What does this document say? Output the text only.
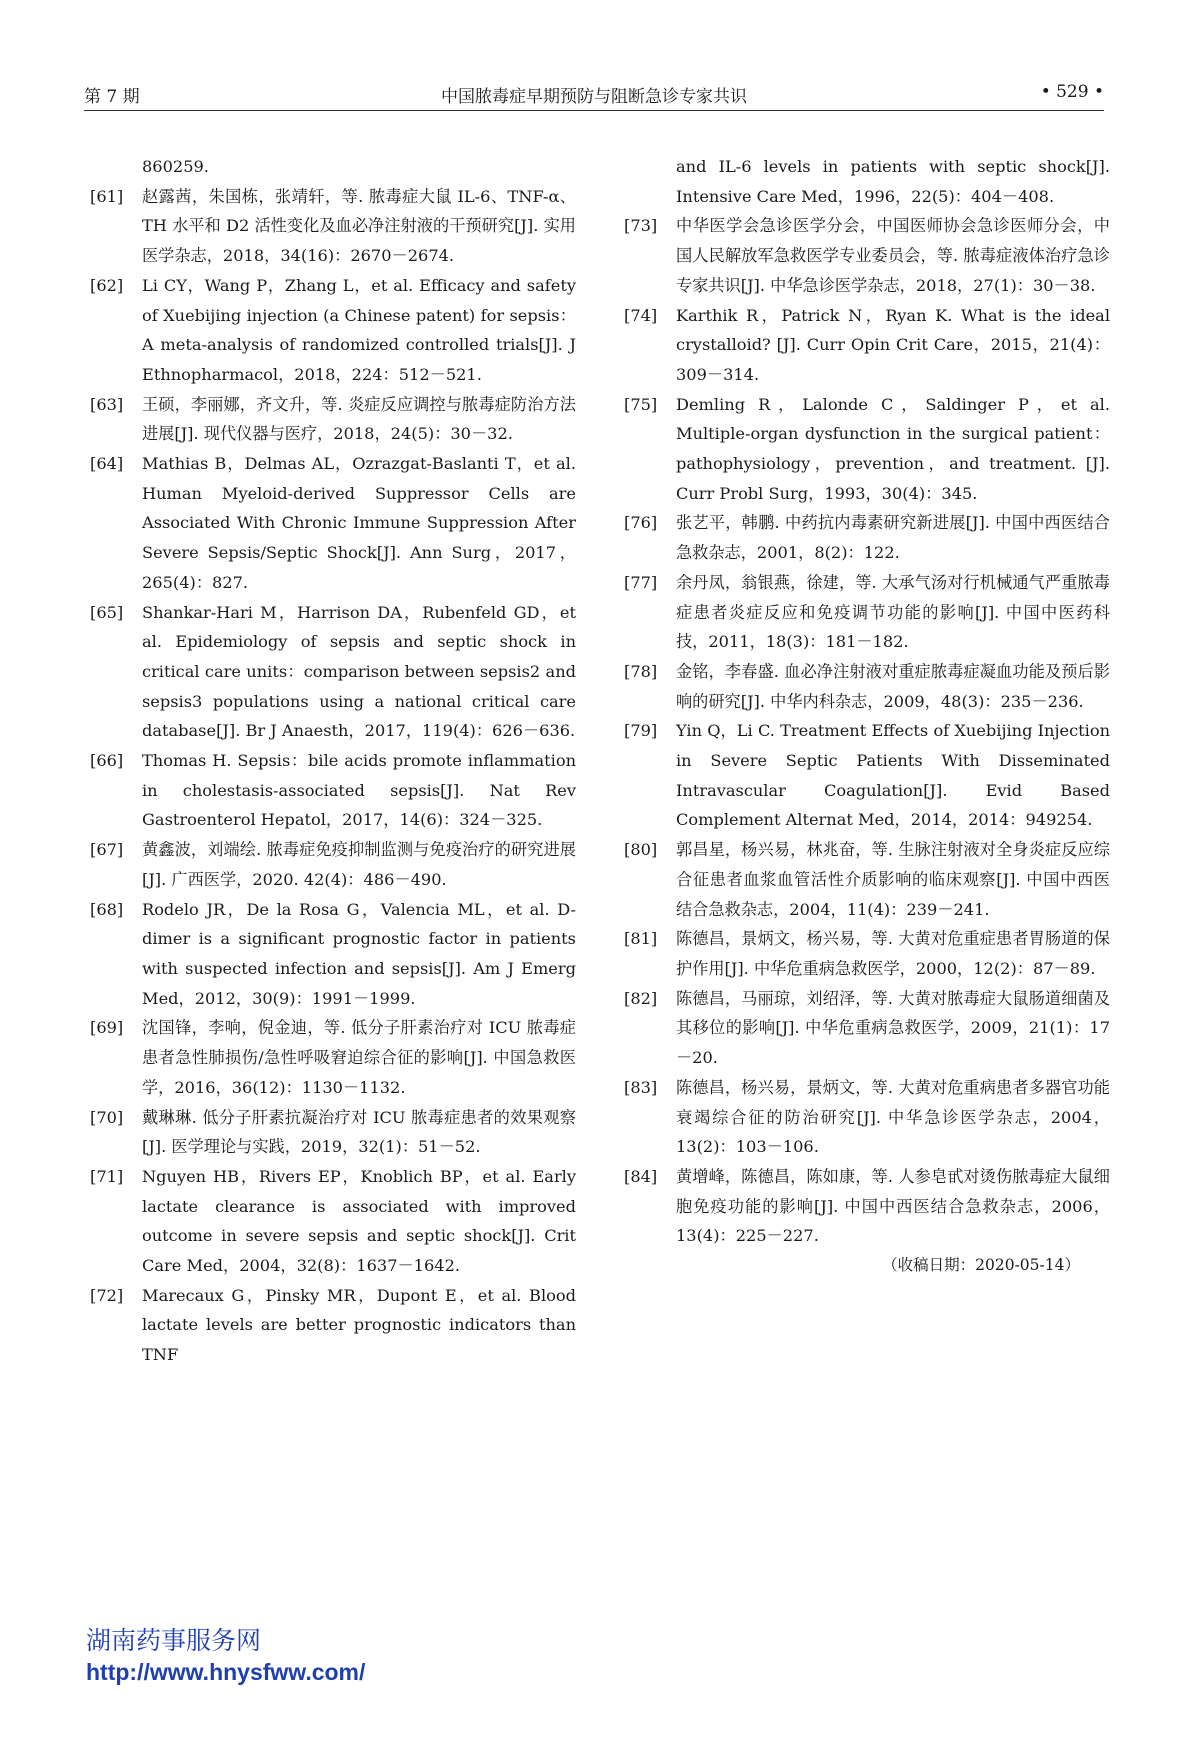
第 7 期	中国脓毒症早期预防与阻断急诊专家共识	• 529 •

860259.

[61] 赵露茜，朱国栋，张靖轩，等. 脓毒症大鼠 IL-6、TNF-α、TH 水平和 D2 活性变化及血必净注射液的干预研究[J]. 实用医学杂志，2018，34(16)：2670－2674.

[62] Li CY，Wang P，Zhang L，et al. Efficacy and safety of Xuebijing injection (a Chinese patent) for sepsis：A meta-analysis of randomized controlled trials[J]. J Ethnopharmacol，2018，224：512－521.

[63] 王硕，李丽娜，齐文升，等. 炎症反应调控与脓毒症防治方法进展[J]. 现代仪器与医疗，2018，24(5)：30－32.

[64] Mathias B，Delmas AL，Ozrazgat-Baslanti T，et al. Human Myeloid-derived Suppressor Cells are Associated With Chronic Immune Suppression After Severe Sepsis/Septic Shock[J]. Ann Surg，2017，265(4)：827.

[65] Shankar-Hari M，Harrison DA，Rubenfeld GD，et al. Epidemiology of sepsis and septic shock in critical care units：comparison between sepsis2 and sepsis3 populations using a national critical care database[J]. Br J Anaesth，2017，119(4)：626－636.

[66] Thomas H. Sepsis：bile acids promote inflammation in cholestasis-associated sepsis[J]. Nat Rev Gastroenterol Hepatol，2017，14(6)：324－325.

[67] 黄鑫波，刘端绘. 脓毒症免疫抑制监测与免疫治疗的研究进展[J]. 广西医学，2020. 42(4)：486－490.

[68] Rodelo JR，De la Rosa G，Valencia ML，et al. D-dimer is a significant prognostic factor in patients with suspected infection and sepsis[J]. Am J Emerg Med，2012，30(9)：1991－1999.

[69] 沈国锋，李响，倪金迪，等. 低分子肝素治疗对 ICU 脓毒症患者急性肺损伤/急性呼吸窘迫综合征的影响[J]. 中国急救医学，2016，36(12)：1130－1132.

[70] 戴琳琳. 低分子肝素抗凝治疗对 ICU 脓毒症患者的效果观察[J]. 医学理论与实践，2019，32(1)：51－52.

[71] Nguyen HB，Rivers EP，Knoblich BP，et al. Early lactate clearance is associated with improved outcome in severe sepsis and septic shock[J]. Crit Care Med，2004，32(8)：1637－1642.

[72] Marecaux G，Pinsky MR，Dupont E，et al. Blood lactate levels are better prognostic indicators than TNF

and IL-6 levels in patients with septic shock[J]. Intensive Care Med，1996，22(5)：404－408.

[73] 中华医学会急诊医学分会，中国医师协会急诊医师分会，中国人民解放军急救医学专业委员会，等. 脓毒症液体治疗急诊专家共识[J]. 中华急诊医学杂志，2018，27(1)：30－38.

[74] Karthik R，Patrick N，Ryan K. What is the ideal crystalloid? [J]. Curr Opin Crit Care，2015，21(4)：309－314.

[75] Demling R，Lalonde C，Saldinger P，et al. Multiple-organ dysfunction in the surgical patient：pathophysiology，prevention，and treatment. [J]. Curr Probl Surg，1993，30(4)：345.

[76] 张艺平，韩鹏. 中药抗内毒素研究新进展[J]. 中国中西医结合急救杂志，2001，8(2)：122.

[77] 余丹凤，翁银燕，徐建，等. 大承气汤对行机械通气严重脓毒症患者炎症反应和免疫调节功能的影响[J]. 中国中医药科技，2011，18(3)：181－182.

[78] 金铭，李春盛. 血必净注射液对重症脓毒症凝血功能及预后影响的研究[J]. 中华内科杂志，2009，48(3)：235－236.

[79] Yin Q，Li C. Treatment Effects of Xuebijing Injection in Severe Septic Patients With Disseminated Intravascular Coagulation[J]. Evid Based Complement Alternat Med，2014，2014：949254.

[80] 郭昌星，杨兴易，林兆奋，等. 生脉注射液对全身炎症反应综合征患者血浆血管活性介质影响的临床观察[J]. 中国中西医结合急救杂志，2004，11(4)：239－241.

[81] 陈德昌，景炳文，杨兴易，等. 大黄对危重症患者胃肠道的保护作用[J]. 中华危重病急救医学，2000，12(2)：87－89.

[82] 陈德昌，马丽琼，刘绍泽，等. 大黄对脓毒症大鼠肠道细菌及其移位的影响[J]. 中华危重病急救医学，2009，21(1)：17－20.

[83] 陈德昌，杨兴易，景炳文，等. 大黄对危重病患者多器官功能衰竭综合征的防治研究[J]. 中华急诊医学杂志，2004，13(2)：103－106.

[84] 黄增峰，陈德昌，陈如康，等. 人参皂甙对烫伤脓毒症大鼠细胞免疫功能的影响[J]. 中国中西医结合急救杂志，2006，13(4)：225－227.

（收稿日期：2020-05-14）
湖南药事服务网
http://www.hnysfww.com/
